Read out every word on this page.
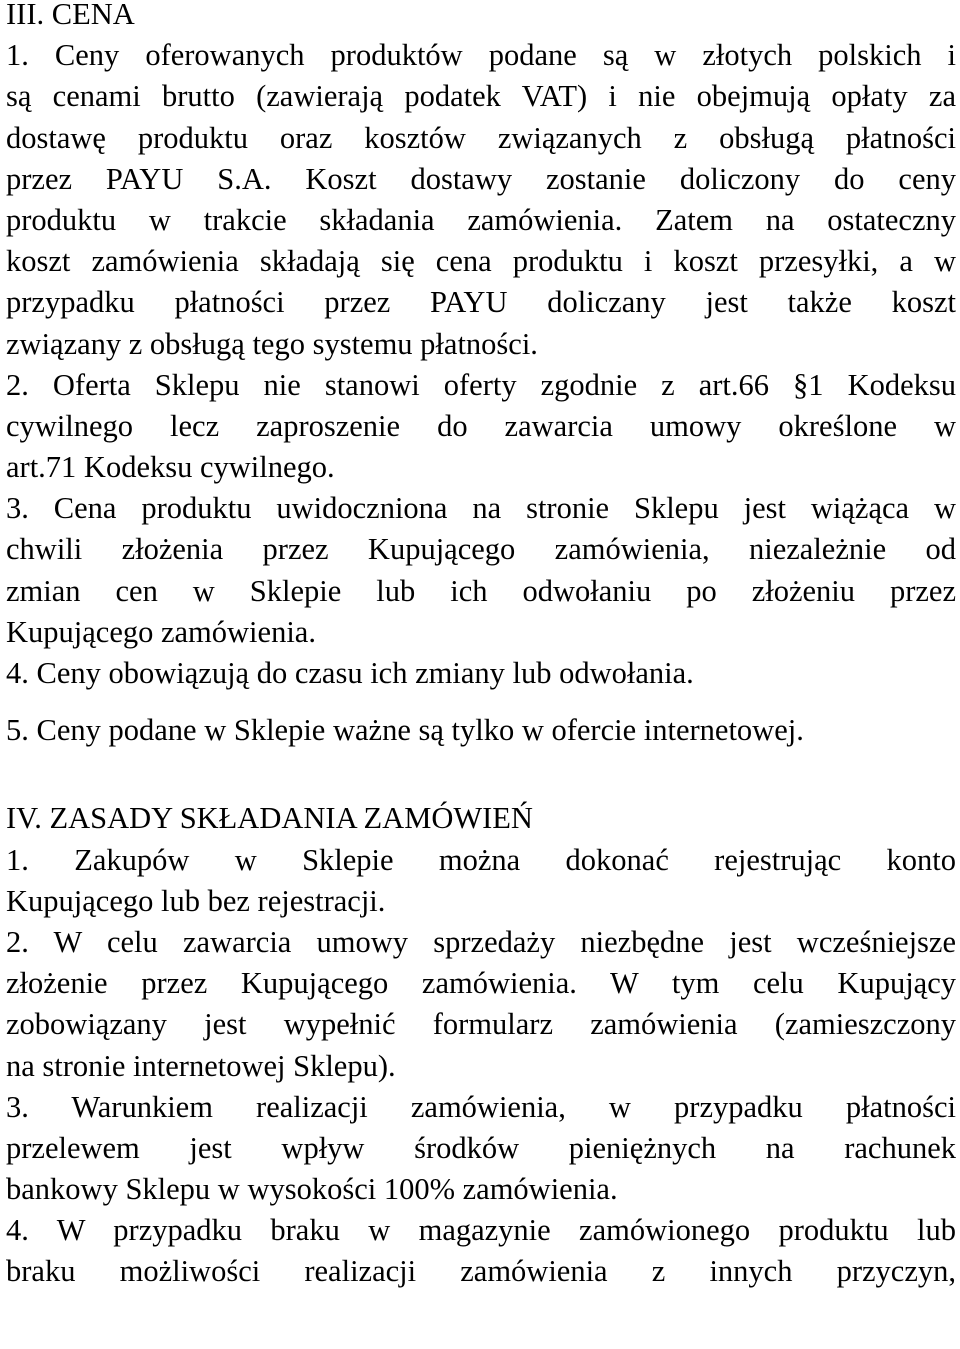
III. CENA
1. Ceny oferowanych produktów podane są w złotych polskich i
są cenami brutto (zawierają podatek VAT) i nie obejmują opłaty za
dostawę produktu oraz kosztów związanych z obsługą płatności
przez PAYU S.A. Koszt dostawy zostanie doliczony do ceny
produktu w trakcie składania zamówienia. Zatem na ostateczny
koszt zamówienia składają się cena produktu i koszt przesyłki, a w
przypadku płatności przez PAYU doliczany jest także koszt
związany z obsługą tego systemu płatności.
2. Oferta Sklepu nie stanowi oferty zgodnie z art.66 §1 Kodeksu
cywilnego lecz zaproszenie do zawarcia umowy określone w
art.71 Kodeksu cywilnego.
3. Cena produktu uwidoczniona na stronie Sklepu jest wiążąca w
chwili złożenia przez Kupującego zamówienia, niezależnie od
zmian cen w Sklepie lub ich odwołaniu po złożeniu przez
Kupującego zamówienia.
4. Ceny obowiązują do czasu ich zmiany lub odwołania.
5. Ceny podane w Sklepie ważne są tylko w ofercie internetowej.
IV. ZASADY SKŁADANIA ZAMÓWIEŃ
1. Zakupów w Sklepie można dokonać rejestrując konto
Kupującego lub bez rejestracji.
2. W celu zawarcia umowy sprzedaży niezbędne jest wcześniejsze
złożenie przez Kupującego zamówienia. W tym celu Kupujący
zobowiązany jest wypełnić formularz zamówienia (zamieszczony
na stronie internetowej Sklepu).
3. Warunkiem realizacji zamówienia, w przypadku płatności
przelewem jest wpływ środków pieniężnych na rachunek
bankowy Sklepu w wysokości 100% zamówienia.
4. W przypadku braku w magazynie zamówionego produktu lub
braku możliwości realizacji zamówienia z innych przyczyn,
